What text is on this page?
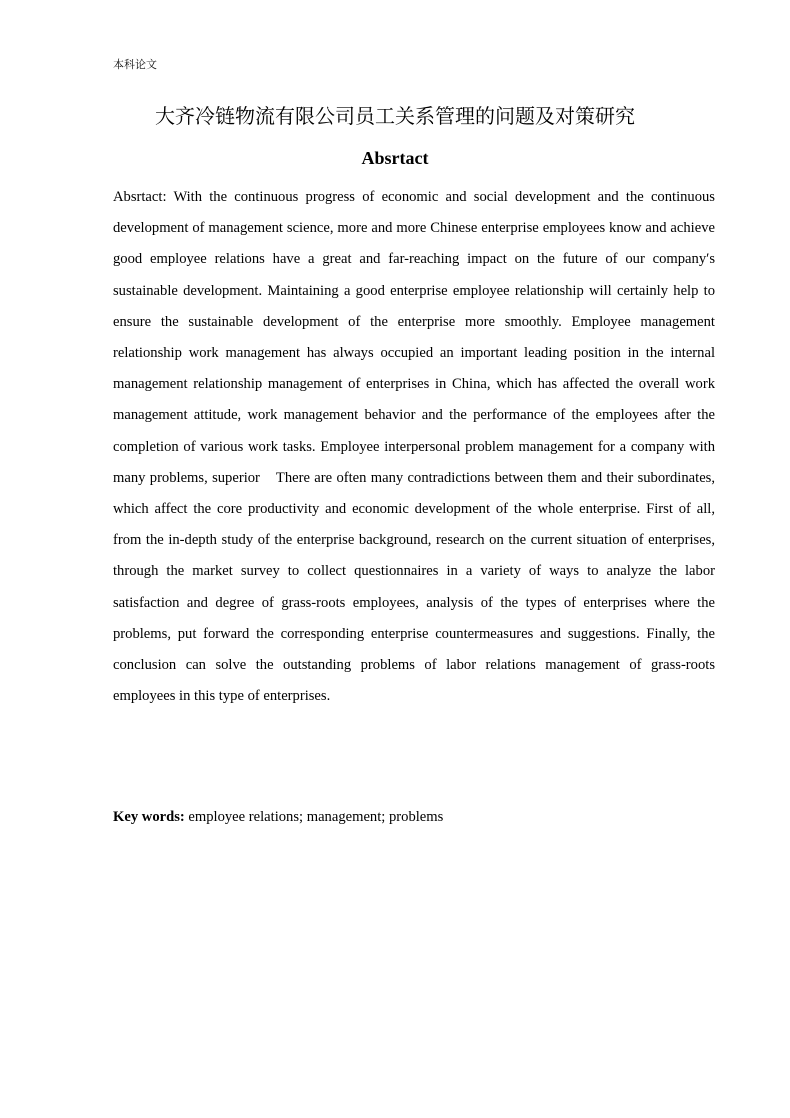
本科论文
大齐冷链物流有限公司员工关系管理的问题及对策研究
Absrtact

Absrtact: With the continuous progress of economic and social development and the continuous development of management science, more and more Chinese enterprise employees know and achieve good employee relations have a great and far-reaching impact on the future of our company′s sustainable development. Maintaining a good enterprise employee relationship will certainly help to ensure the sustainable development of the enterprise more smoothly. Employee management relationship work management has always occupied an important leading position in the internal management relationship management of enterprises in China, which has affected the overall work management attitude, work management behavior and the performance of the employees after the completion of various work tasks. Employee interpersonal problem management for a company with many problems, superior　There are often many contradictions between them and their subordinates, which affect the core productivity and economic development of the whole enterprise. First of all, from the in-depth study of the enterprise background, research on the current situation of enterprises, through the market survey to collect questionnaires in a variety of ways to analyze the labor satisfaction and degree of grass-roots employees, analysis of the types of enterprises where the problems, put forward the corresponding enterprise countermeasures and suggestions. Finally, the conclusion can solve the outstanding problems of labor relations management of grass-roots employees in this type of enterprises.

Key words: employee relations; management; problems
